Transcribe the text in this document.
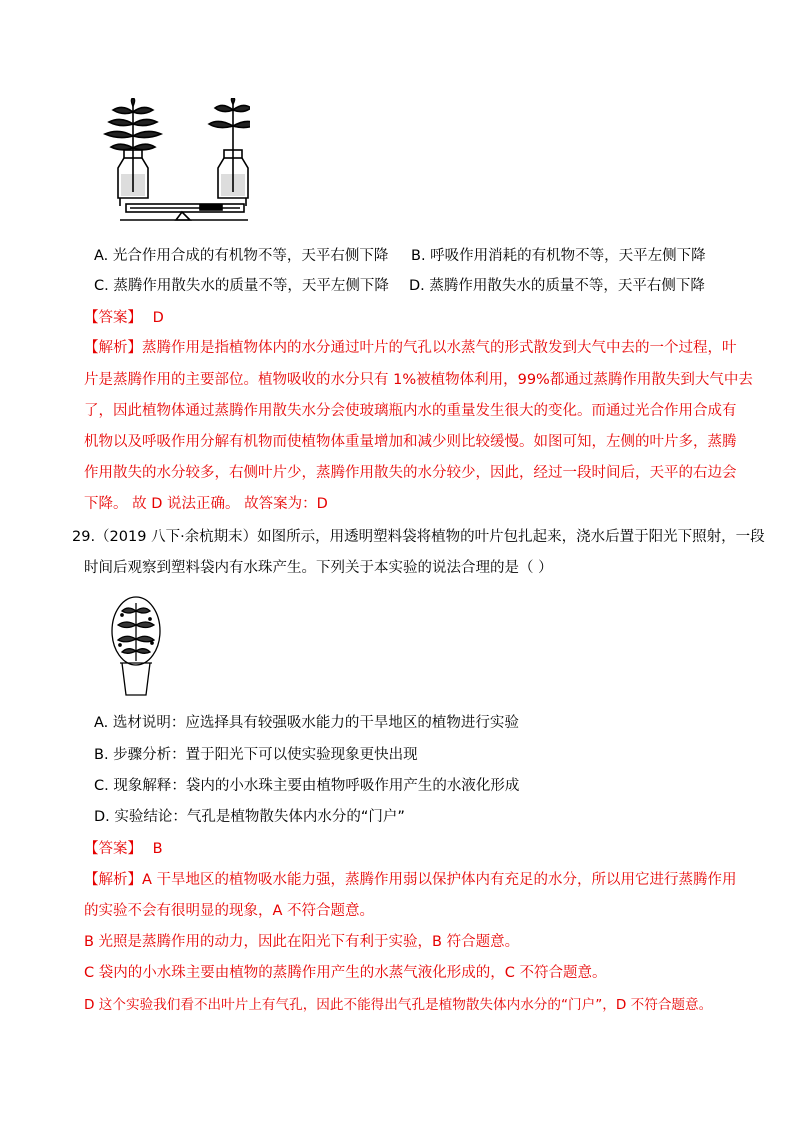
A. 光合作用合成的有机物不等，天平右侧下降 B. 呼吸作用消耗的有机物不等，天平左侧下降
C. 蒸腾作用散失水的质量不等，天平左侧下降 D. 蒸腾作用散失水的质量不等，天平右侧下降
【答案】 D
【解析】蒸腾作用是指植物体内的水分通过叶片的气孔以水蒸气的形式散发到大气中去的一个过程，叶
片是蒸腾作用的主要部位。植物吸收的水分只有 1%被植物体利用，99%都通过蒸腾作用散失到大气中去
了，因此植物体通过蒸腾作用散失水分会使玻璃瓶内水的重量发生很大的变化。而通过光合作用合成有
机物以及呼吸作用分解有机物而使植物体重量增加和减少则比较缓慢。如图可知，左侧的叶片多，蒸腾
作用散失的水分较多，右侧叶片少，蒸腾作用散失的水分较少，因此，经过一段时间后，天平的右边会
下降。 故 D 说法正确。 故答案为：D
29.（2019 八下·余杭期末）如图所示，用透明塑料袋将植物的叶片包扎起来，浇水后置于阳光下照射，一段
时间后观察到塑料袋内有水珠产生。下列关于本实验的说法合理的是（ ）
A. 选材说明：应选择具有较强吸水能力的干旱地区的植物进行实验
B. 步骤分析：置于阳光下可以使实验现象更快出现
C. 现象解释：袋内的小水珠主要由植物呼吸作用产生的水液化形成
D. 实验结论：气孔是植物散失体内水分的“门户”
【答案】 B
【解析】A 干旱地区的植物吸水能力强，蒸腾作用弱以保护体内有充足的水分，所以用它进行蒸腾作用
的实验不会有很明显的现象，A 不符合题意。
B 光照是蒸腾作用的动力，因此在阳光下有利于实验，B 符合题意。
C 袋内的小水珠主要由植物的蒸腾作用产生的水蒸气液化形成的，C 不符合题意。
D 这个实验我们看不出叶片上有气孔，因此不能得出气孔是植物散失体内水分的“门户”，D 不符合题意。
